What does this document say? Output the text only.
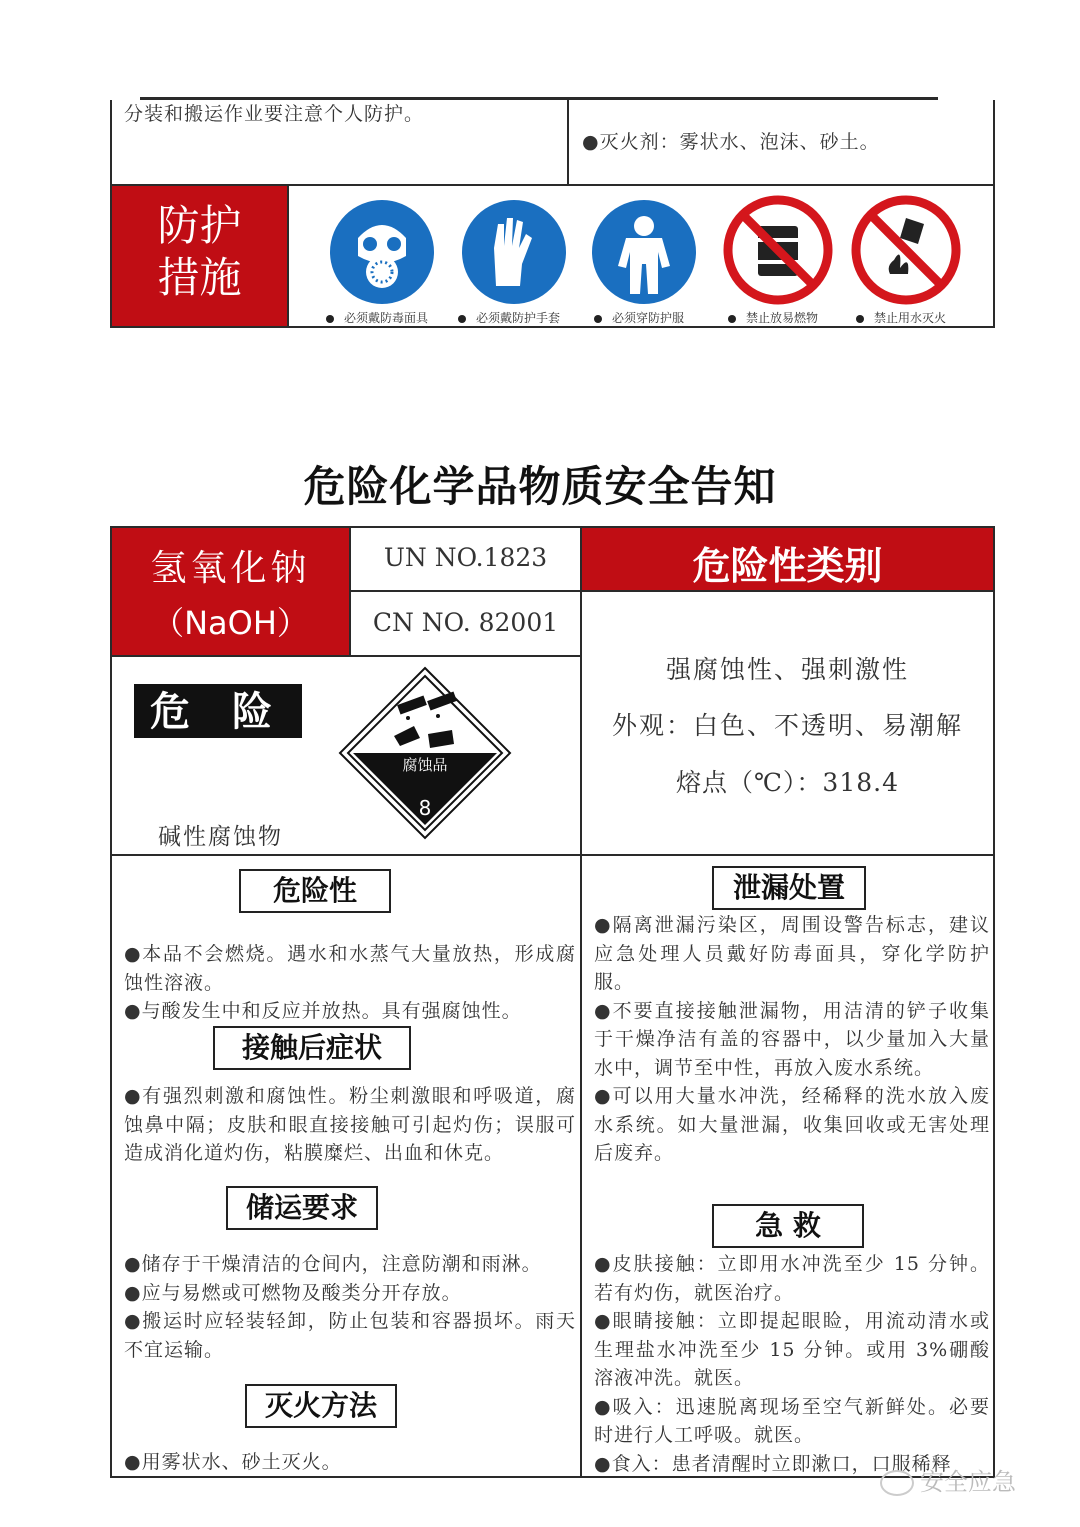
分装和搬运作业要注意个人防护。
●灭火剂：雾状水、泡沫、砂土。
防护
措施
必须戴防毒面具	必须戴防护手套	必须穿防护服	禁止放易燃物	禁止用水灭火
危险化学品物质安全告知
氢氧化钠
（NaOH）
UN NO.1823
CN NO. 82001
危 险
腐蚀品
8
碱性腐蚀物
危险性类别
强腐蚀性、强刺激性
外观：白色、不透明、易潮解
熔点（℃）：318.4
危险性
●本品不会燃烧。遇水和水蒸气大量放热，形成腐蚀性溶液。
●与酸发生中和反应并放热。具有强腐蚀性。
接触后症状
●有强烈刺激和腐蚀性。粉尘刺激眼和呼吸道，腐蚀鼻中隔；皮肤和眼直接接触可引起灼伤；误服可造成消化道灼伤，粘膜糜烂、出血和休克。
储运要求
●储存于干燥清洁的仓间内，注意防潮和雨淋。
●应与易燃或可燃物及酸类分开存放。
●搬运时应轻装轻卸，防止包装和容器损坏。雨天不宜运输。
灭火方法
●用雾状水、砂土灭火。
泄漏处置
●隔离泄漏污染区，周围设警告标志，建议应急处理人员戴好防毒面具，穿化学防护服。
●不要直接接触泄漏物，用洁清的铲子收集于干燥净洁有盖的容器中，以少量加入大量水中，调节至中性，再放入废水系统。
●可以用大量水冲洗，经稀释的洗水放入废水系统。如大量泄漏，收集回收或无害处理后废弃。
急 救
●皮肤接触：立即用水冲洗至少 15 分钟。若有灼伤，就医治疗。
●眼睛接触：立即提起眼睑，用流动清水或生理盐水冲洗至少 15 分钟。或用 3%硼酸溶液冲洗。就医。
●吸入：迅速脱离现场至空气新鲜处。必要时进行人工呼吸。就医。
●食入：患者清醒时立即漱口，口服稀释
安全应急
